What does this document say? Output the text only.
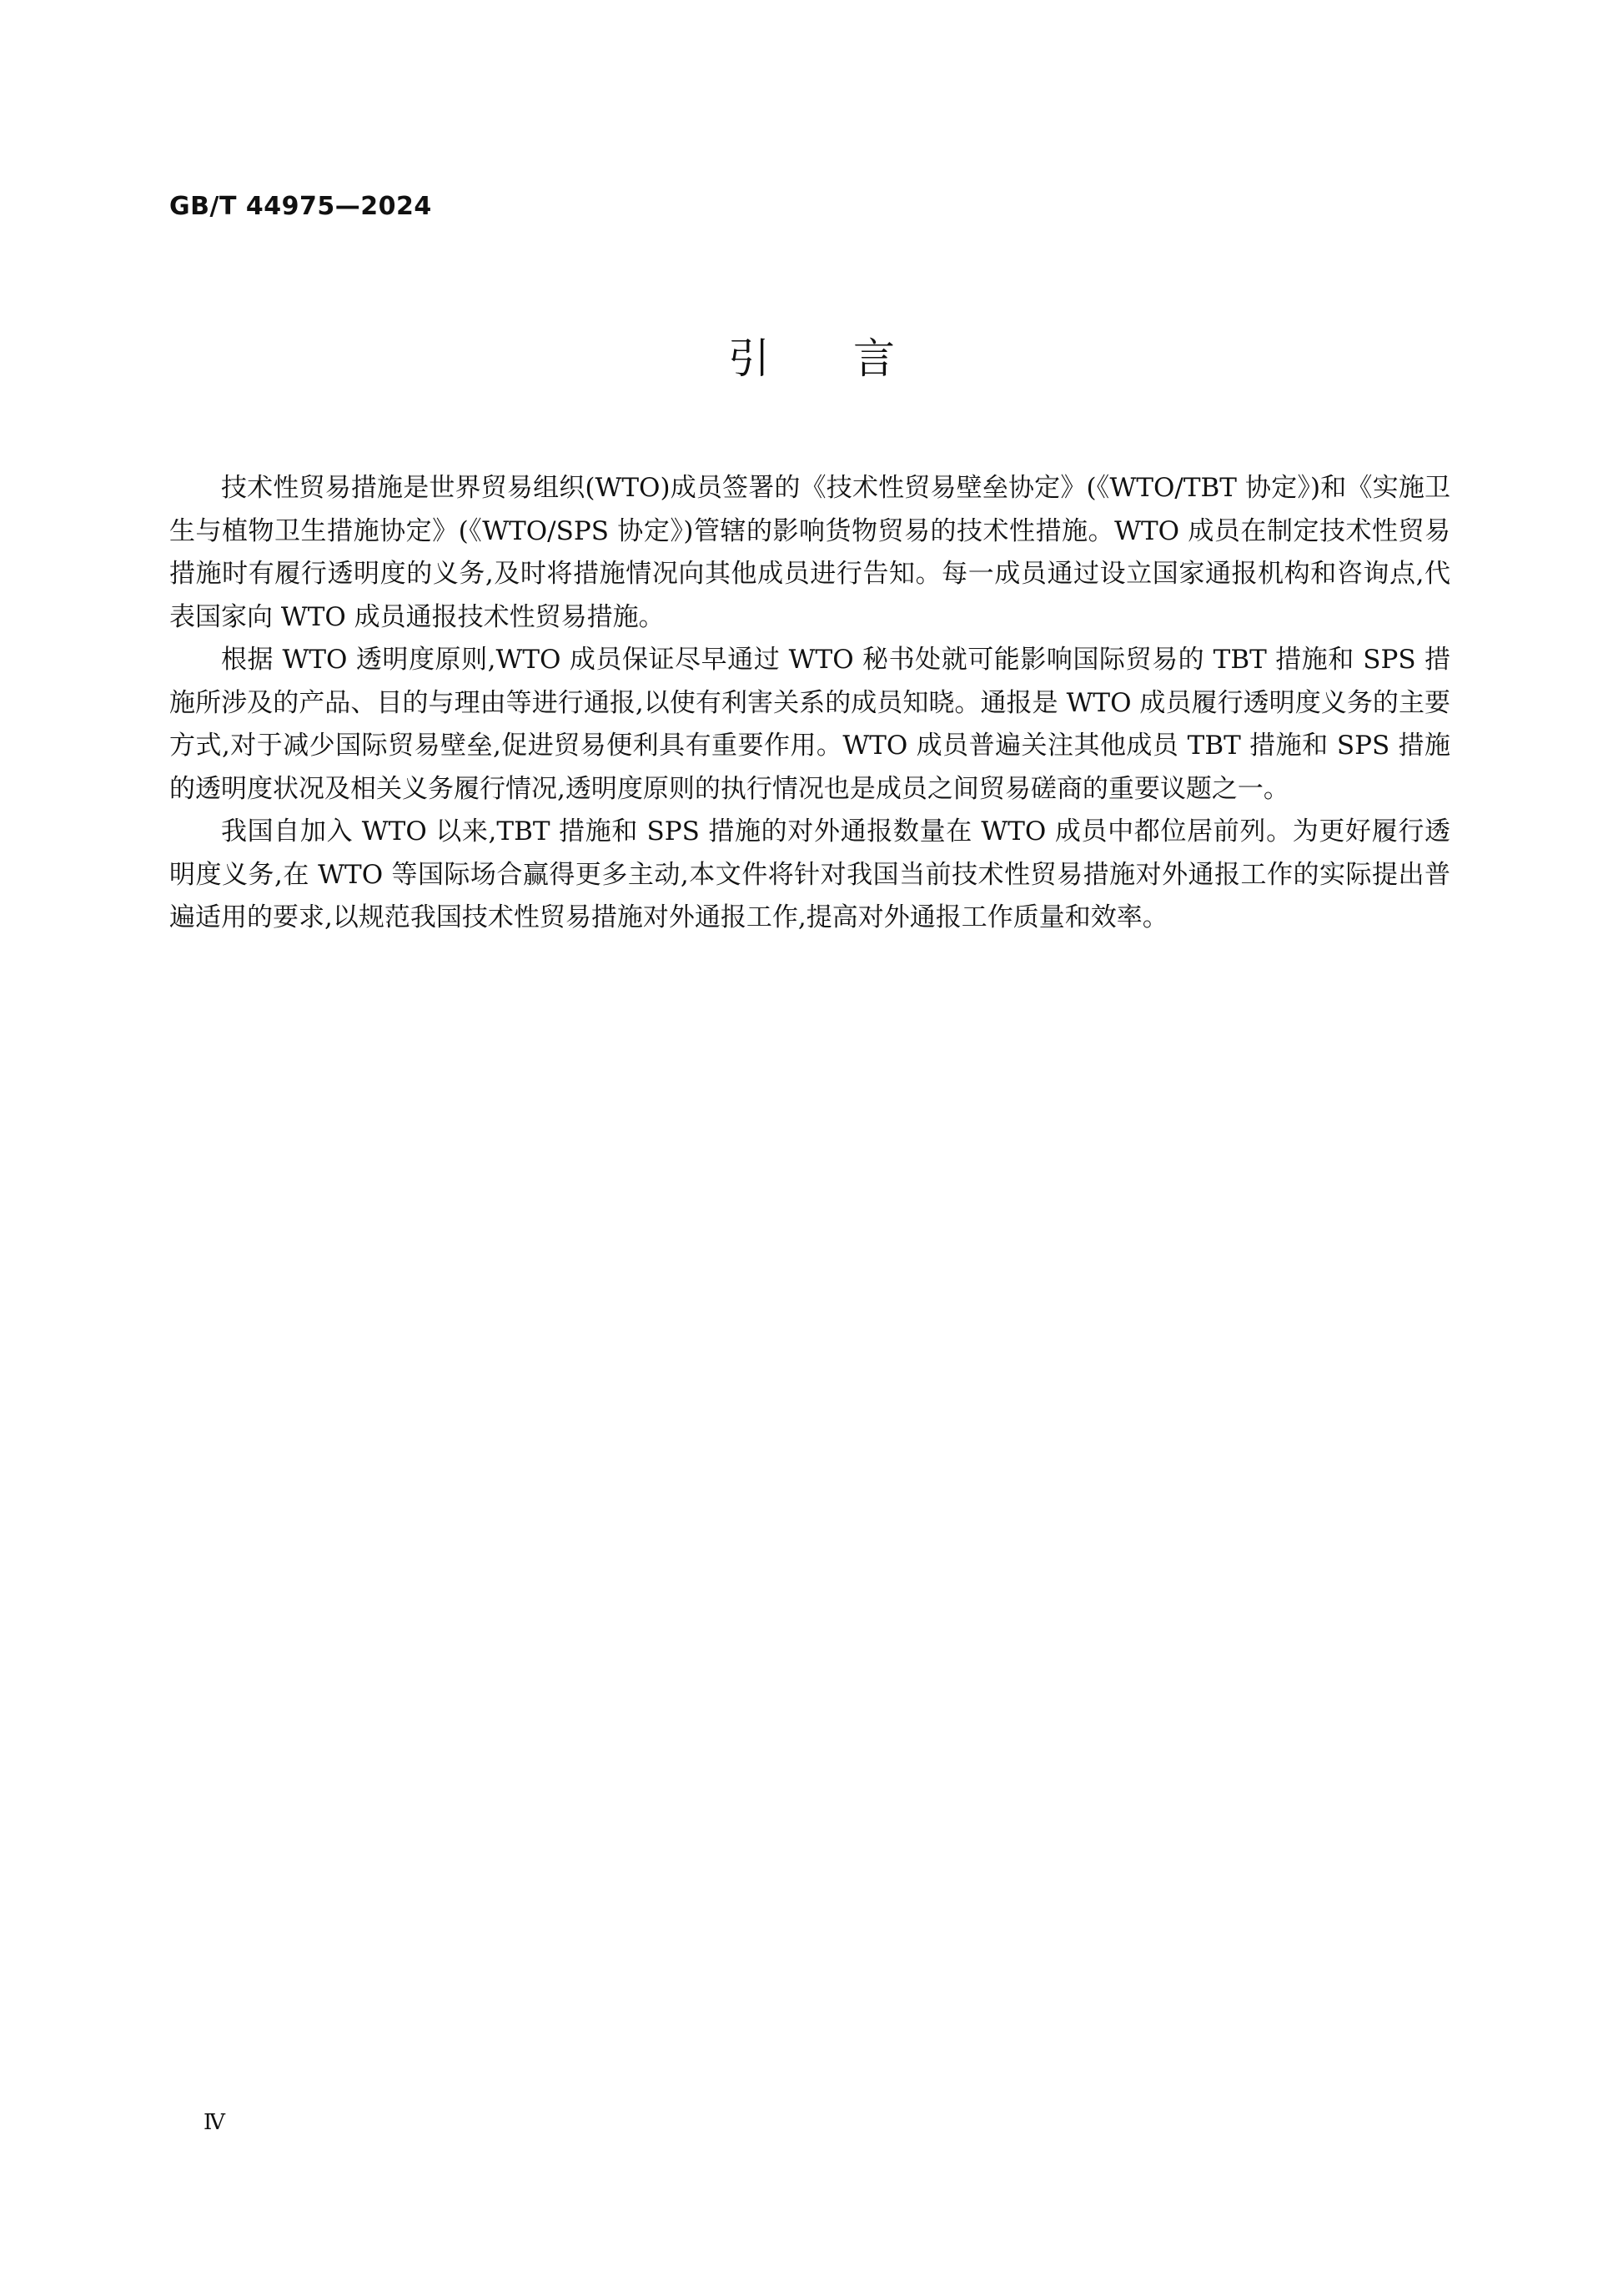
GB/T 44975—2024
引言

技术性贸易措施是世界贸易组织(WTO)成员签署的《技术性贸易壁垒协定》(《WTO/TBT 协定》)和《实施卫生与植物卫生措施协定》(《WTO/SPS 协定》)管辖的影响货物贸易的技术性措施。WTO 成员在制定技术性贸易措施时有履行透明度的义务,及时将措施情况向其他成员进行告知。每一成员通过设立国家通报机构和咨询点,代表国家向 WTO 成员通报技术性贸易措施。

根据 WTO 透明度原则,WTO 成员保证尽早通过 WTO 秘书处就可能影响国际贸易的 TBT 措施和 SPS 措施所涉及的产品、目的与理由等进行通报,以使有利害关系的成员知晓。通报是 WTO 成员履行透明度义务的主要方式,对于减少国际贸易壁垒,促进贸易便利具有重要作用。WTO 成员普遍关注其他成员 TBT 措施和 SPS 措施的透明度状况及相关义务履行情况,透明度原则的执行情况也是成员之间贸易磋商的重要议题之一。

我国自加入 WTO 以来,TBT 措施和 SPS 措施的对外通报数量在 WTO 成员中都位居前列。为更好履行透明度义务,在 WTO 等国际场合赢得更多主动,本文件将针对我国当前技术性贸易措施对外通报工作的实际提出普遍适用的要求,以规范我国技术性贸易措施对外通报工作,提高对外通报工作质量和效率。

Ⅳ
